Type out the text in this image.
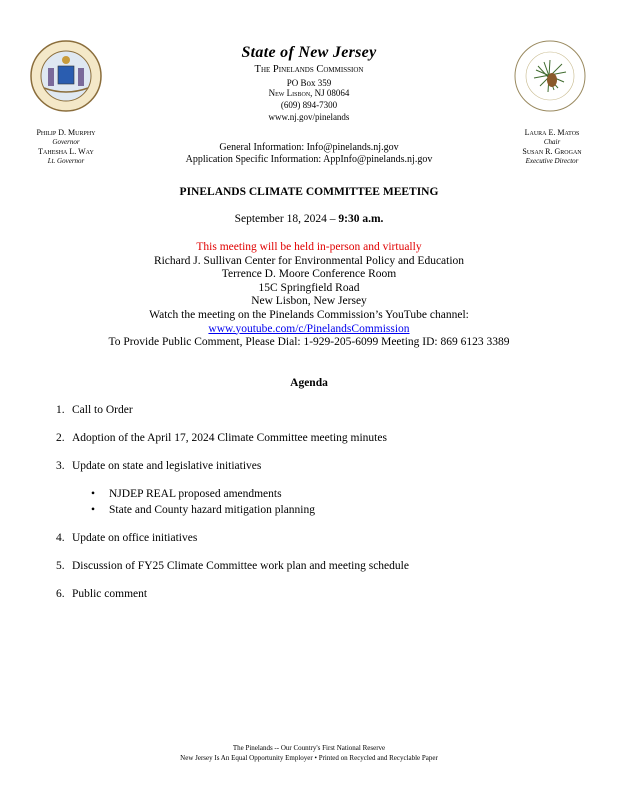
State of New Jersey
The Pinelands Commission
PO Box 359
New Lisbon, NJ 08064
(609) 894-7300
www.nj.gov/pinelands
Philip D. Murphy
Governor
Tahesha L. Way
Lt. Governor
Laura E. Matos
Chair
Susan R. Grogan
Executive Director
General Information: Info@pinelands.nj.gov
Application Specific Information: AppInfo@pinelands.nj.gov
PINELANDS CLIMATE COMMITTEE MEETING
September 18, 2024 – 9:30 a.m.
This meeting will be held in-person and virtually
Richard J. Sullivan Center for Environmental Policy and Education
Terrence D. Moore Conference Room
15C Springfield Road
New Lisbon, New Jersey
Watch the meeting on the Pinelands Commission’s YouTube channel:
www.youtube.com/c/PinelandsCommission
To Provide Public Comment, Please Dial: 1-929-205-6099 Meeting ID: 869 6123 3389
Agenda
1. Call to Order
2. Adoption of the April 17, 2024 Climate Committee meeting minutes
3. Update on state and legislative initiatives
• NJDEP REAL proposed amendments
• State and County hazard mitigation planning
4. Update on office initiatives
5. Discussion of FY25 Climate Committee work plan and meeting schedule
6. Public comment
The Pinelands -- Our Country's First National Reserve
New Jersey Is An Equal Opportunity Employer • Printed on Recycled and Recyclable Paper
